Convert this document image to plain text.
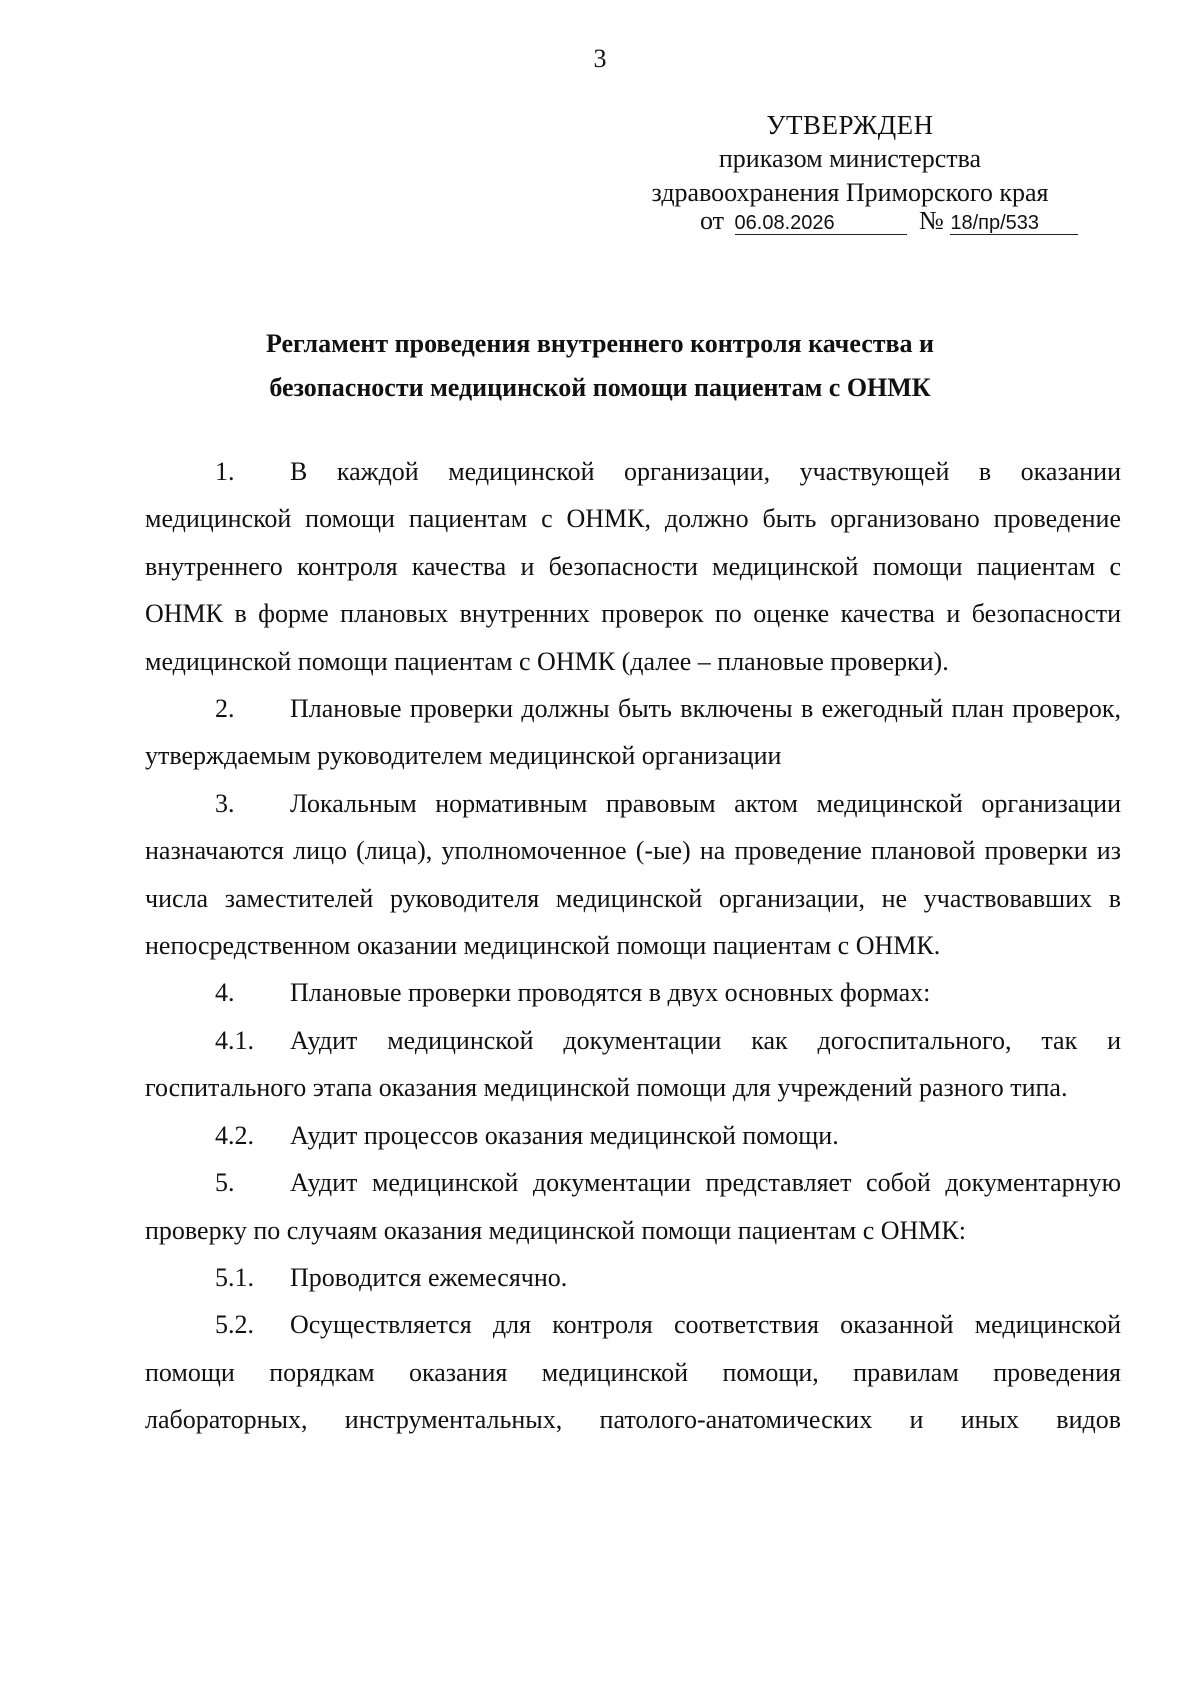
3
УТВЕРЖДЕН
приказом министерства
здравоохранения Приморского края
от 06.08.2026	№ 18/пр/533
Регламент проведения внутреннего контроля качества и
безопасности медицинской помощи пациентам с ОНМК

1. В каждой медицинской организации, участвующей в оказании медицинской помощи пациентам с ОНМК, должно быть организовано проведение внутреннего контроля качества и безопасности медицинской помощи пациентам с ОНМК в форме плановых внутренних проверок по оценке качества и безопасности медицинской помощи пациентам с ОНМК (далее – плановые проверки).

2. Плановые проверки должны быть включены в ежегодный план проверок, утверждаемым руководителем медицинской организации

3. Локальным нормативным правовым актом медицинской организации назначаются лицо (лица), уполномоченное (-ые) на проведение плановой проверки из числа заместителей руководителя медицинской организации, не участвовавших в непосредственном оказании медицинской помощи пациентам с ОНМК.

4. Плановые проверки проводятся в двух основных формах:

4.1. Аудит медицинской документации как догоспитального, так и госпитального этапа оказания медицинской помощи для учреждений разного типа.

4.2. Аудит процессов оказания медицинской помощи.

5. Аудит медицинской документации представляет собой документарную проверку по случаям оказания медицинской помощи пациентам с ОНМК:

5.1. Проводится ежемесячно.

5.2. Осуществляется для контроля соответствия оказанной медицинской помощи порядкам оказания медицинской помощи, правилам проведения лабораторных, инструментальных, патолого-анатомических и иных видов
